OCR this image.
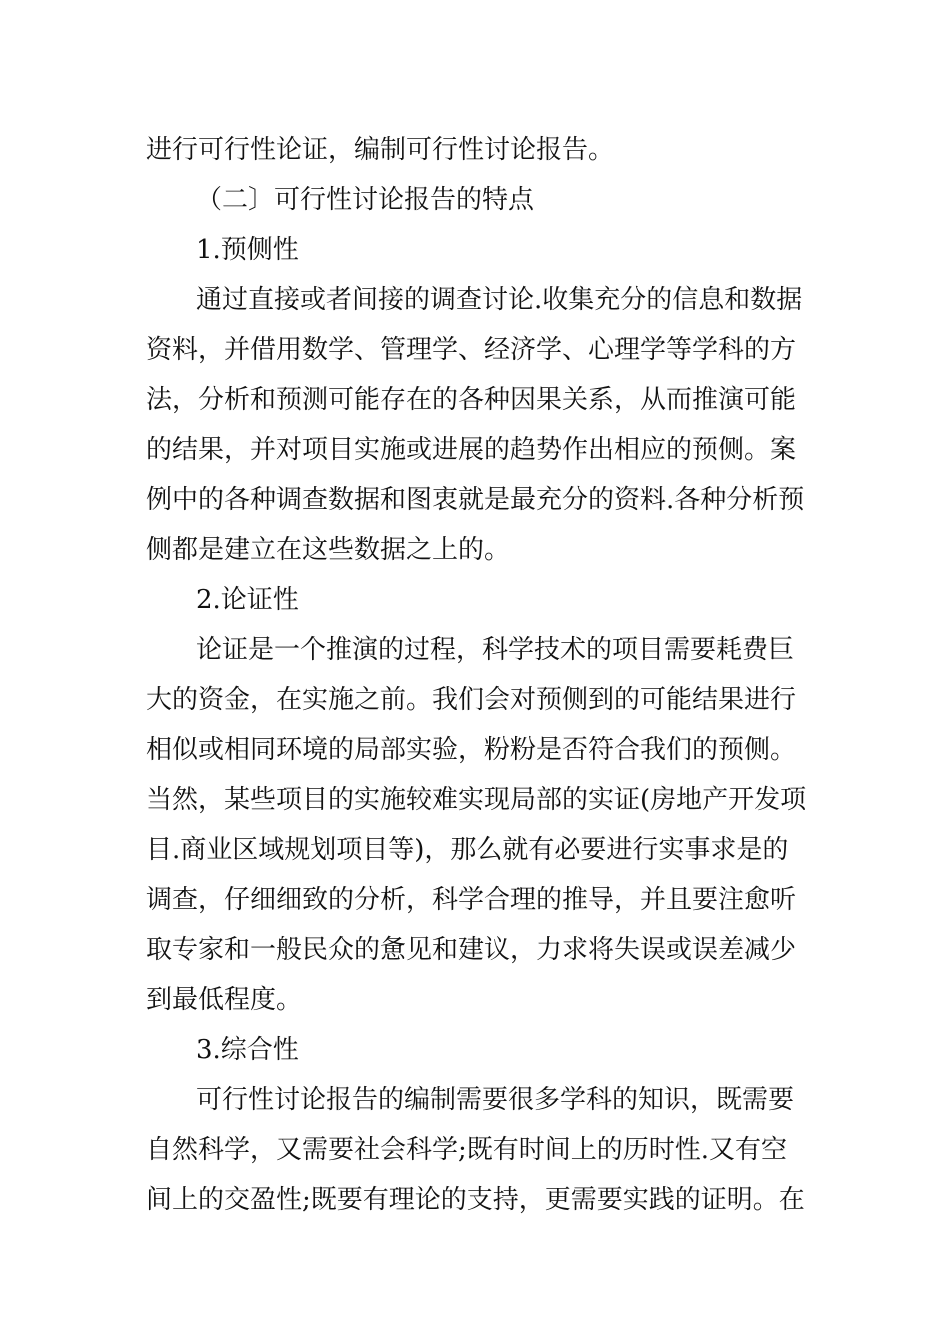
进行可行性论证，编制可行性讨论报告。

（二〕可行性讨论报告的特点

1.预侧性

通过直接或者间接的调查讨论.收集充分的信息和数据

资料，并借用数学、管理学、经济学、心理学等学科的方

法，分析和预测可能存在的各种因果关系，从而推演可能

的结果，并对项目实施或进展的趋势作出相应的预侧。案

例中的各种调查数据和图衷就是最充分的资料.各种分析预

侧都是建立在这些数据之上的。

2.论证性

论证是一个推演的过程，科学技术的项目需要耗费巨

大的资金，在实施之前。我们会对预侧到的可能结果进行

相似或相同环境的局部实验，粉粉是否符合我们的预侧。

当然，某些项目的实施较难实现局部的实证(房地产开发项

目.商业区域规划项目等)，那么就有必要进行实事求是的

调查，仔细细致的分析，科学合理的推导，并且要注愈听

取专家和一般民众的惫见和建议，力求将失误或误差减少

到最低程度。

3.综合性

可行性讨论报告的编制需要很多学科的知识，既需要

自然科学，又需要社会科学;既有时间上的历时性.又有空

间上的交盈性;既要有理论的支持，更需要实践的证明。在
